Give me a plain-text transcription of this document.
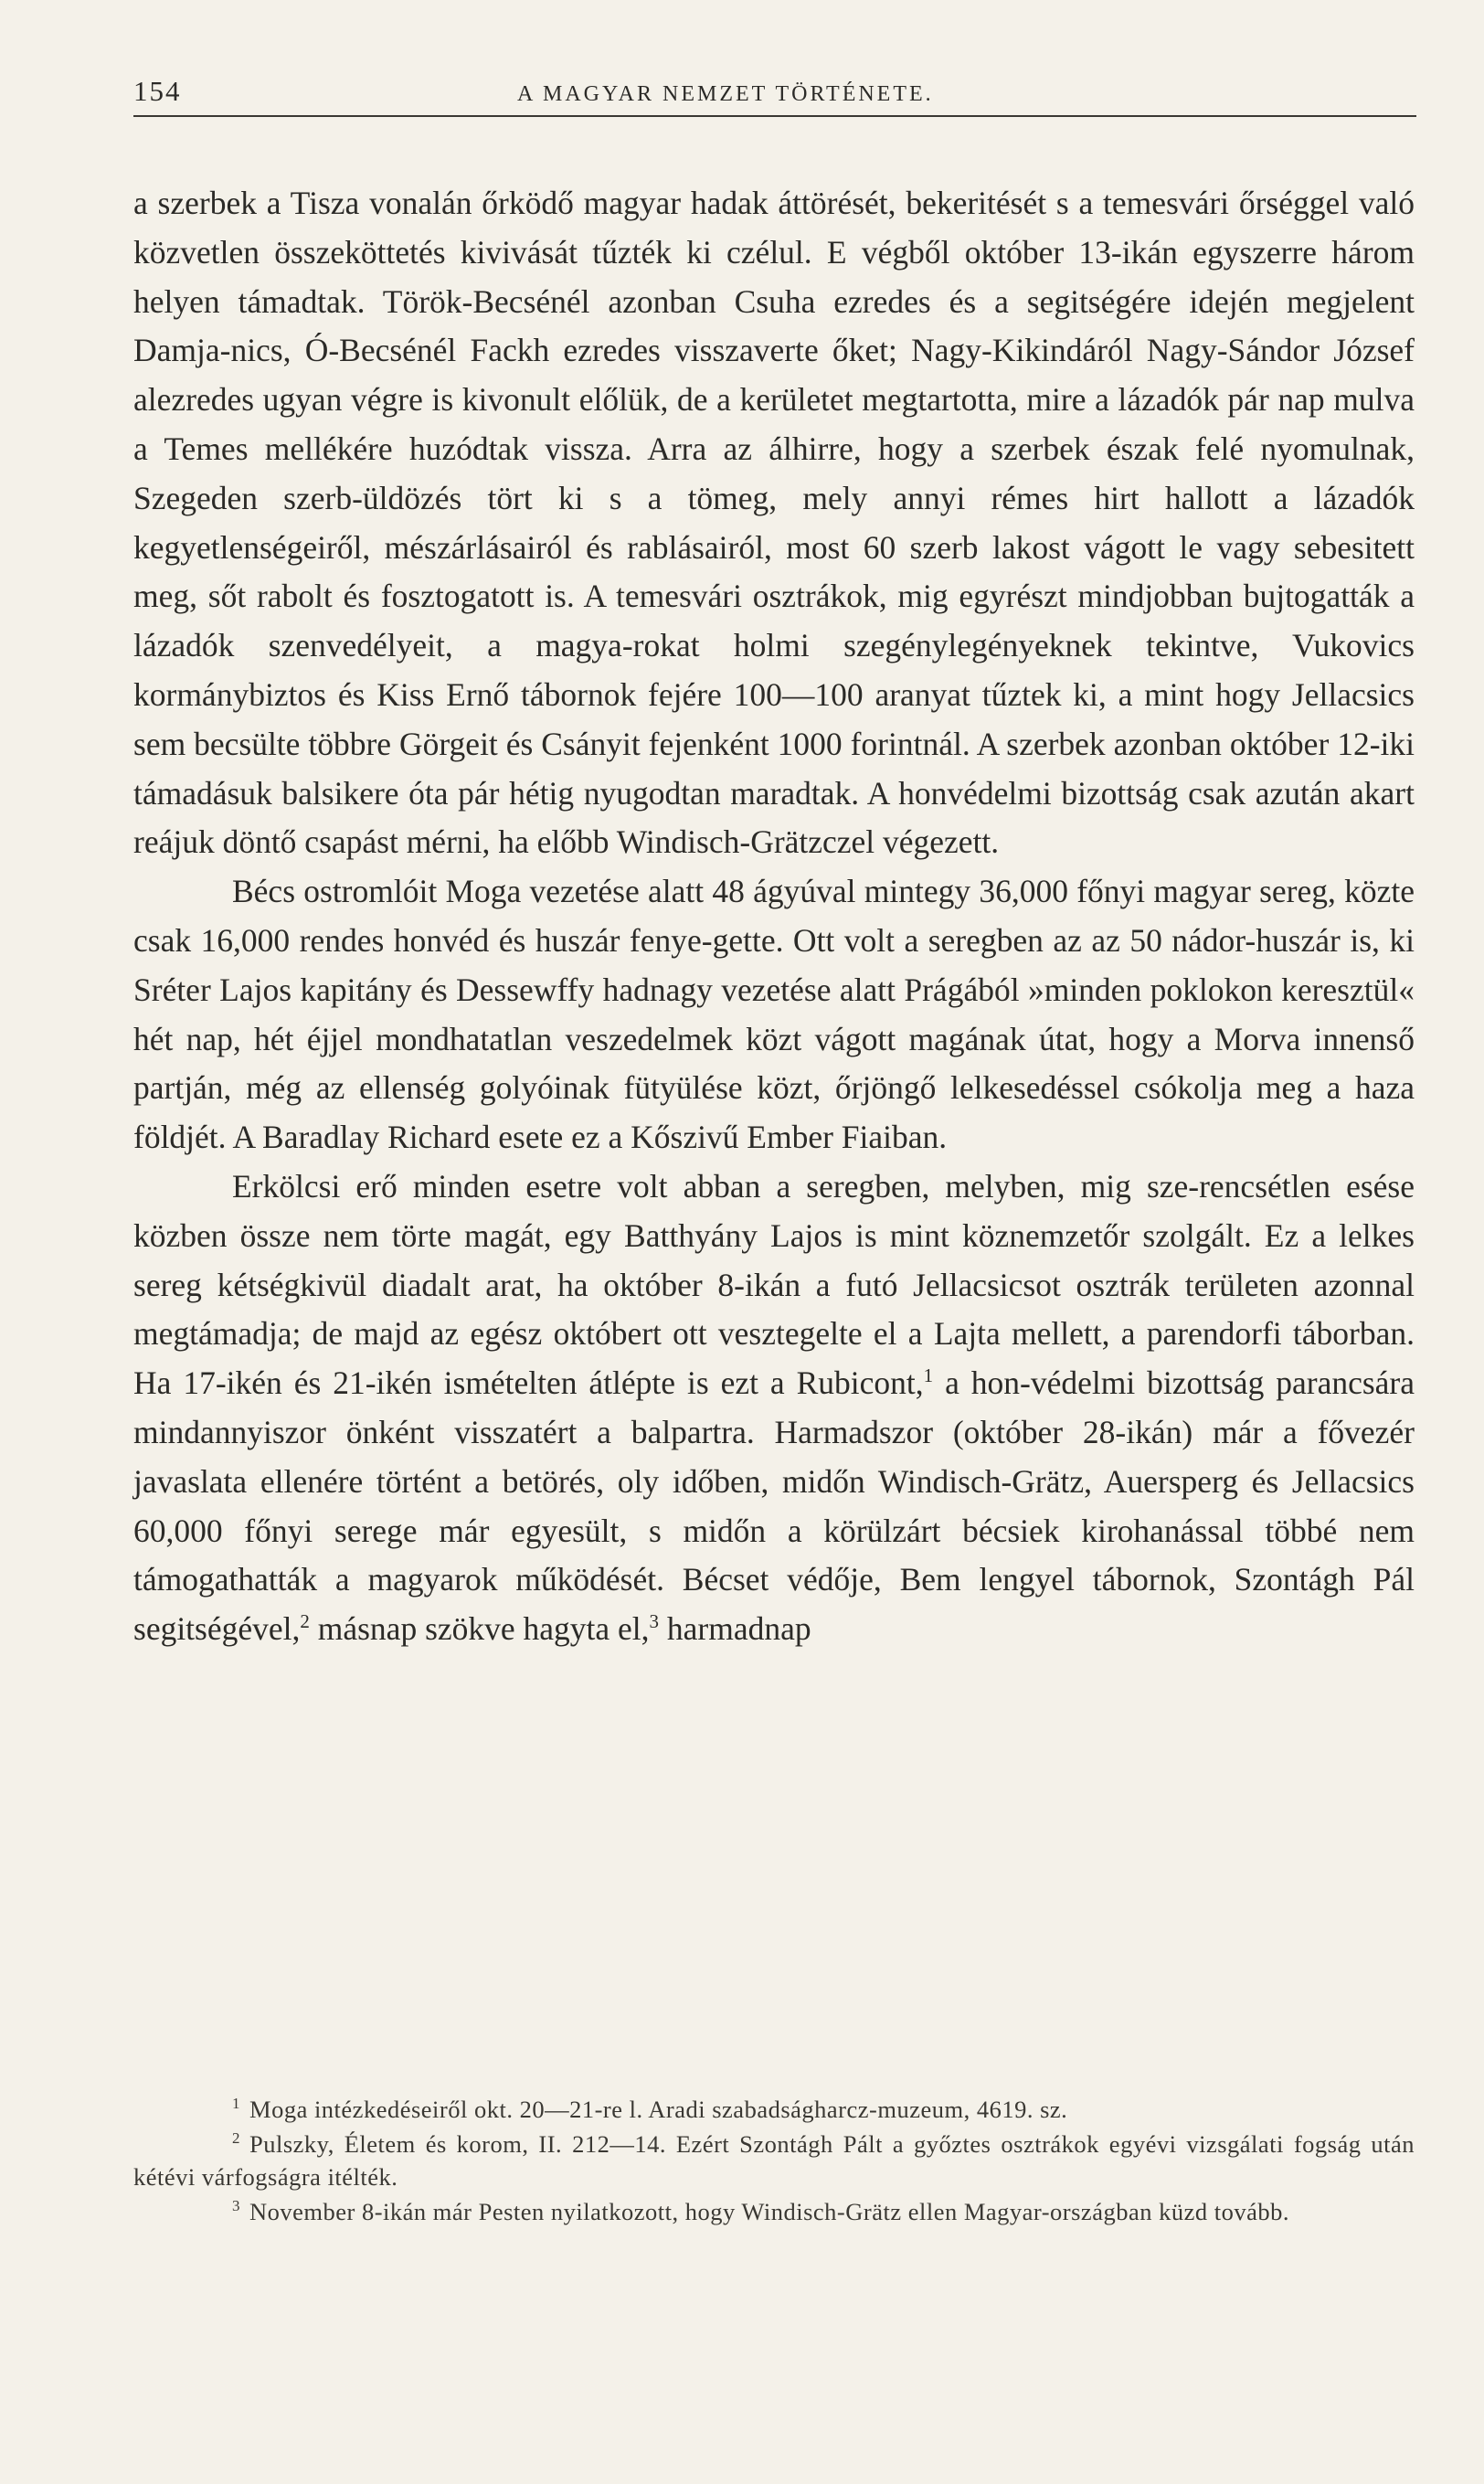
154	A MAGYAR NEMZET TÖRTÉNETE.

a szerbek a Tisza vonalán őrködő magyar hadak áttörését, bekeritését s a temesvári őrséggel való közvetlen összeköttetés kivivását tűzték ki czélul. E végből október 13-ikán egyszerre három helyen támadtak. Török-Becsénél azonban Csuha ezredes és a segitségére idején megjelent Damja-nics, Ó-Becsénél Fackh ezredes visszaverte őket; Nagy-Kikindáról Nagy-Sándor József alezredes ugyan végre is kivonult előlük, de a kerületet megtartotta, mire a lázadók pár nap mulva a Temes mellékére huzódtak vissza. Arra az álhirre, hogy a szerbek észak felé nyomulnak, Szegeden szerb-üldözés tört ki s a tömeg, mely annyi rémes hirt hallott a lázadók kegyetlenségeiről, mészárlásairól és rablásairól, most 60 szerb lakost vágott le vagy sebesitett meg, sőt rabolt és fosztogatott is. A temesvári osztrákok, mig egyrészt mindjobban bujtogatták a lázadók szenvedélyeit, a magya-rokat holmi szegénylegényeknek tekintve, Vukovics kormánybiztos és Kiss Ernő tábornok fejére 100—100 aranyat tűztek ki, a mint hogy Jellacsics sem becsülte többre Görgeit és Csányit fejenként 1000 forintnál. A szerbek azonban október 12-iki támadásuk balsikere óta pár hétig nyugodtan maradtak. A honvédelmi bizottság csak azután akart reájuk döntő csapást mérni, ha előbb Windisch-Grätzczel végezett.

Bécs ostromlóit Moga vezetése alatt 48 ágyúval mintegy 36,000 főnyi magyar sereg, közte csak 16,000 rendes honvéd és huszár fenye-gette. Ott volt a seregben az az 50 nádor-huszár is, ki Sréter Lajos kapitány és Dessewffy hadnagy vezetése alatt Prágából »minden poklokon keresztül« hét nap, hét éjjel mondhatatlan veszedelmek közt vágott magának útat, hogy a Morva innenső partján, még az ellenség golyóinak fütyülése közt, őrjöngő lelkesedéssel csókolja meg a haza földjét. A Baradlay Richard esete ez a Kőszivű Ember Fiaiban.

Erkölcsi erő minden esetre volt abban a seregben, melyben, mig sze-rencsétlen esése közben össze nem törte magát, egy Batthyány Lajos is mint köznemzetőr szolgált. Ez a lelkes sereg kétségkivül diadalt arat, ha október 8-ikán a futó Jellacsicsot osztrák területen azonnal megtámadja; de majd az egész októbert ott vesztegelte el a Lajta mellett, a parendorfi táborban. Ha 17-ikén és 21-ikén ismételten átlépte is ezt a Rubicont,$^1$ a hon-védelmi bizottság parancsára mindannyiszor önként visszatért a balpartra. Harmadszor (október 28-ikán) már a fővezér javaslata ellenére történt a betörés, oly időben, midőn Windisch-Grätz, Auersperg és Jellacsics 60,000 főnyi serege már egyesült, s midőn a körülzárt bécsiek kirohanással többé nem támogathatták a magyarok működését. Bécset védője, Bem lengyel tábornok, Szontágh Pál segitségével,$^2$ másnap szökve hagyta el,$^3$ harmadnap

$^1$ Moga intézkedéseiről okt. 20—21-re l. Aradi szabadságharcz-muzeum, 4619. sz.

$^2$ Pulszky, Életem és korom, II. 212—14. Ezért Szontágh Pált a győztes osztrákok egyévi vizsgálati fogság után kétévi várfogságra itélték.

$^3$ November 8-ikán már Pesten nyilatkozott, hogy Windisch-Grätz ellen Magyar-országban küzd tovább.
